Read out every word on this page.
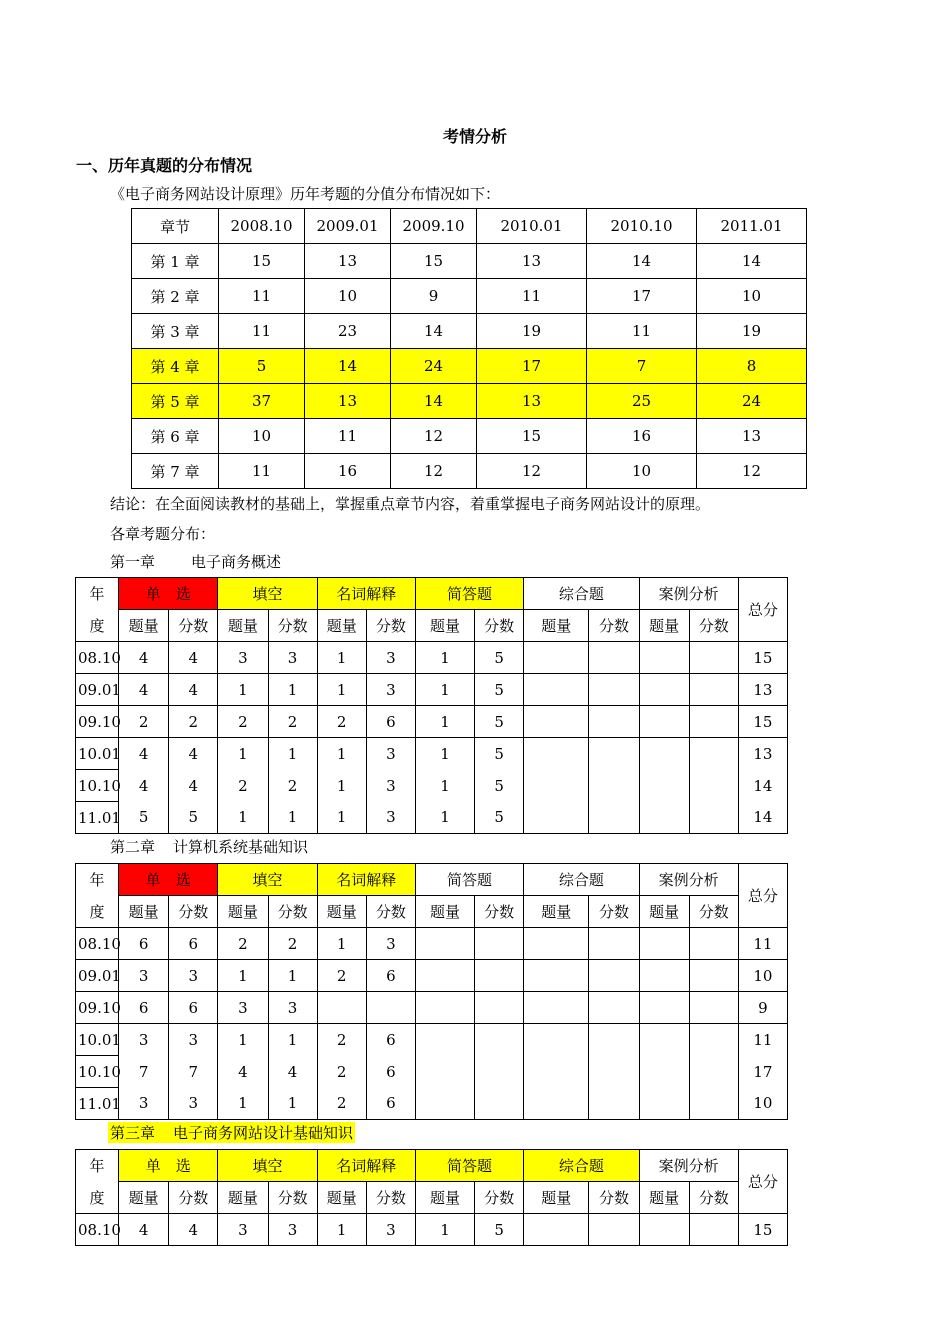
考情分析
一、历年真题的分布情况
《电子商务网站设计原理》历年考题的分值分布情况如下：
章节	2008.10	2009.01	2009.10	2010.01	2010.10	2011.01
第 1 章	15	13	15	13	14	14
第 2 章	11	10	9	11	17	10
第 3 章	11	23	14	19	11	19
第 4 章	5	14	24	17	7	8
第 5 章	37	13	14	13	25	24
第 6 章	10	11	12	15	16	13
第 7 章	11	16	12	12	10	12
结论：在全面阅读教材的基础上，掌握重点章节内容，着重掌握电子商务网站设计的原理。
各章考题分布：
第一章 电子商务概述
年	单　选		填空		名词解释		简答题		综合题		案例分析		总分
度	题量	分数	题量	分数	题量	分数	题量	分数	题量	分数	题量	分数	
08.10	4	4	3	3	1	3	1	5					15
09.01	4	4	1	1	1	3	1	5					13
09.10	2	2	2	2	2	6	1	5					15
10.01	4	4	1	1	1	3	1	5					13
10.10	4	4	2	2	1	3	1	5					14
11.01	5	5	1	1	1	3	1	5					14
第二章 计算机系统基础知识
年	单　选		填空		名词解释		简答题		综合题		案例分析		总分
度	题量	分数	题量	分数	题量	分数	题量	分数	题量	分数	题量	分数	
08.10	6	6	2	2	1	3							11
09.01	3	3	1	1	2	6							10
09.10	6	6	3	3									9
10.01	3	3	1	1	2	6							11
10.10	7	7	4	4	2	6							17
11.01	3	3	1	1	2	6							10
第三章 电子商务网站设计基础知识
年	单　选		填空		名词解释		简答题		综合题		案例分析		总分
度	题量	分数	题量	分数	题量	分数	题量	分数	题量	分数	题量	分数	
08.10	4	4	3	3	1	3	1	5					15
